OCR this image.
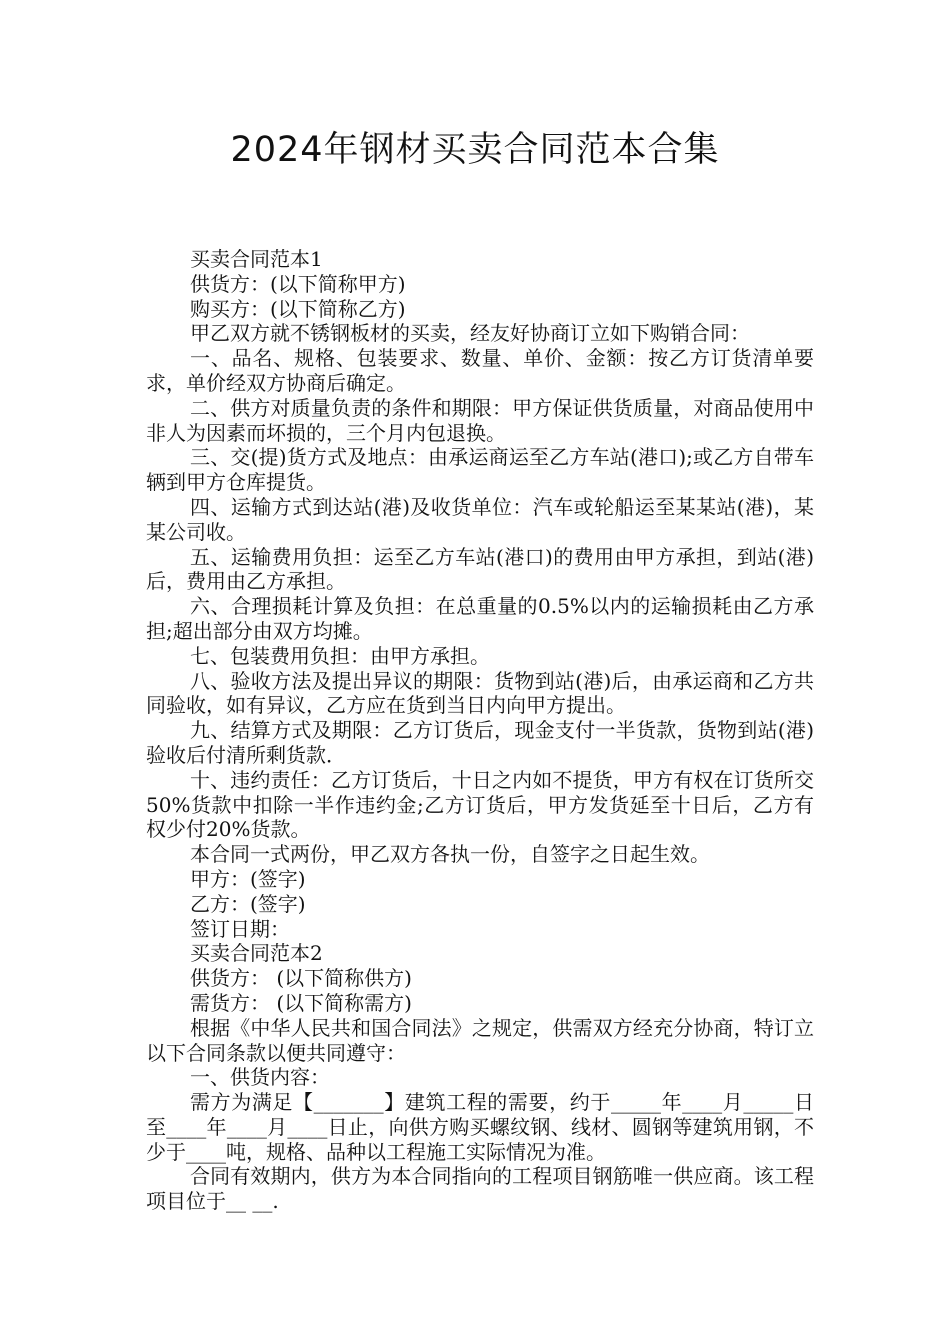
2024年钢材买卖合同范本合集

买卖合同范本1

供货方：(以下简称甲方)

购买方：(以下简称乙方)

甲乙双方就不锈钢板材的买卖，经友好协商订立如下购销合同：

一、品名、规格、包装要求、数量、单价、金额：按乙方订货清单要求，单价经双方协商后确定。

二、供方对质量负责的条件和期限：甲方保证供货质量，对商品使用中非人为因素而坏损的，三个月内包退换。

三、交(提)货方式及地点：由承运商运至乙方车站(港口);或乙方自带车辆到甲方仓库提货。

四、运输方式到达站(港)及收货单位：汽车或轮船运至某某站(港)，某某公司收。

五、运输费用负担：运至乙方车站(港口)的费用由甲方承担，到站(港)后，费用由乙方承担。

六、合理损耗计算及负担：在总重量的0.5%以内的运输损耗由乙方承担;超出部分由双方均摊。

七、包装费用负担：由甲方承担。

八、验收方法及提出异议的期限：货物到站(港)后，由承运商和乙方共同验收，如有异议，乙方应在货到当日内向甲方提出。

九、结算方式及期限：乙方订货后，现金支付一半货款，货物到站(港)验收后付清所剩货款．

十、违约责任：乙方订货后，十日之内如不提货，甲方有权在订货所交50%货款中扣除一半作违约金;乙方订货后，甲方发货延至十日后，乙方有权少付20%货款。

本合同一式两份，甲乙双方各执一份，自签字之日起生效。

甲方：(签字)

乙方：(签字)

签订日期：

买卖合同范本2

供货方： (以下简称供方)

需货方： (以下简称需方)

根据《中华人民共和国合同法》之规定，供需双方经充分协商，特订立以下合同条款以便共同遵守：

一、供货内容：

需方为满足【_______】建筑工程的需要，约于_____年____月_____日至____年____月____日止，向供方购买螺纹钢、线材、圆钢等建筑用钢，不少于____吨，规格、品种以工程施工实际情况为准。

合同有效期内，供方为本合同指向的工程项目钢筋唯一供应商。该工程项目位于__ __.
